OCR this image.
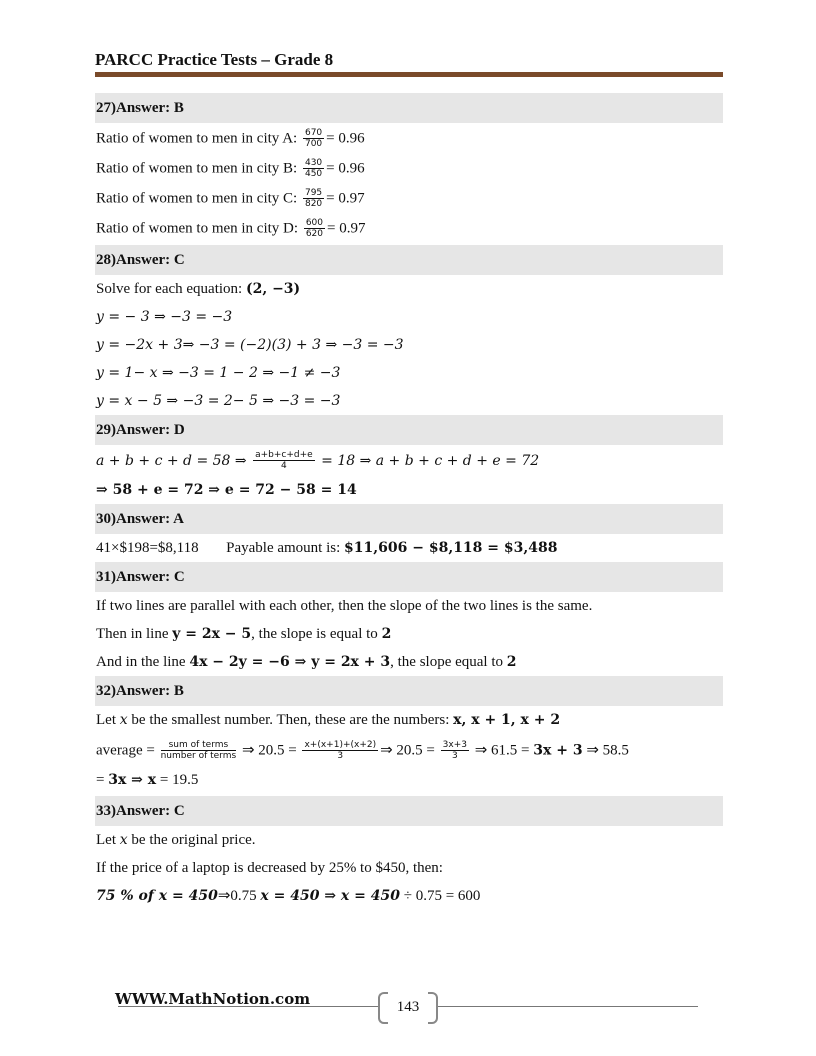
PARCC Practice Tests – Grade 8
27)Answer: B
Ratio of women to men in city A: $\frac{670}{700} = 0.96$
Ratio of women to men in city B: $\frac{430}{450} = 0.96$
Ratio of women to men in city C: $\frac{795}{820} = 0.97$
Ratio of women to men in city D: $\frac{600}{620} = 0.97$
28)Answer: C
Solve for each equation: (2, −3)
y = − 3 ⇒ −3 = −3
y = −2x + 3⇒ −3 = (−2)(3) + 3 ⇒ −3 = −3
y = 1− x ⇒ −3 = 1 − 2 ⇒ −1 ≠ −3
y = x − 5 ⇒ −3 = 2− 5 ⇒ −3 = −3
29)Answer: D
a + b + c + d = 58 ⇒ $\frac{a+b+c+d+e}{4} = 18$ ⇒ a + b + c + d + e = 72
⇒ 58 + e = 72 ⇒ e = 72 − 58 = 14
30)Answer: A
41×$198=$8,118 Payable amount is: $11,606 − $8,118 = $3,488
31)Answer: C
If two lines are parallel with each other, then the slope of the two lines is the same.
Then in line y = 2x − 5, the slope is equal to 2
And in the line 4x − 2y = −6 ⇒ y = 2x + 3, the slope equal to 2
32)Answer: B
Let x be the smallest number. Then, these are the numbers: x, x + 1, x + 2
average = $\frac{\text{sum of terms}}{\text{number of terms}}$ ⇒ $20.5 = \frac{x+(x+1)+(x+2)}{3}$ ⇒ $20.5 = \frac{3x+3}{3}$ ⇒ 61.5 = 3x + 3 ⇒ 58.5
= 3x ⇒ x = 19.5
33)Answer: C
Let x be the original price.
If the price of a laptop is decreased by 25% to $450, then:
75 % of x = 450⇒0.75 x = 450 ⇒ x = 450 ÷ 0.75 = 600
WWW.MathNotion.com	143
